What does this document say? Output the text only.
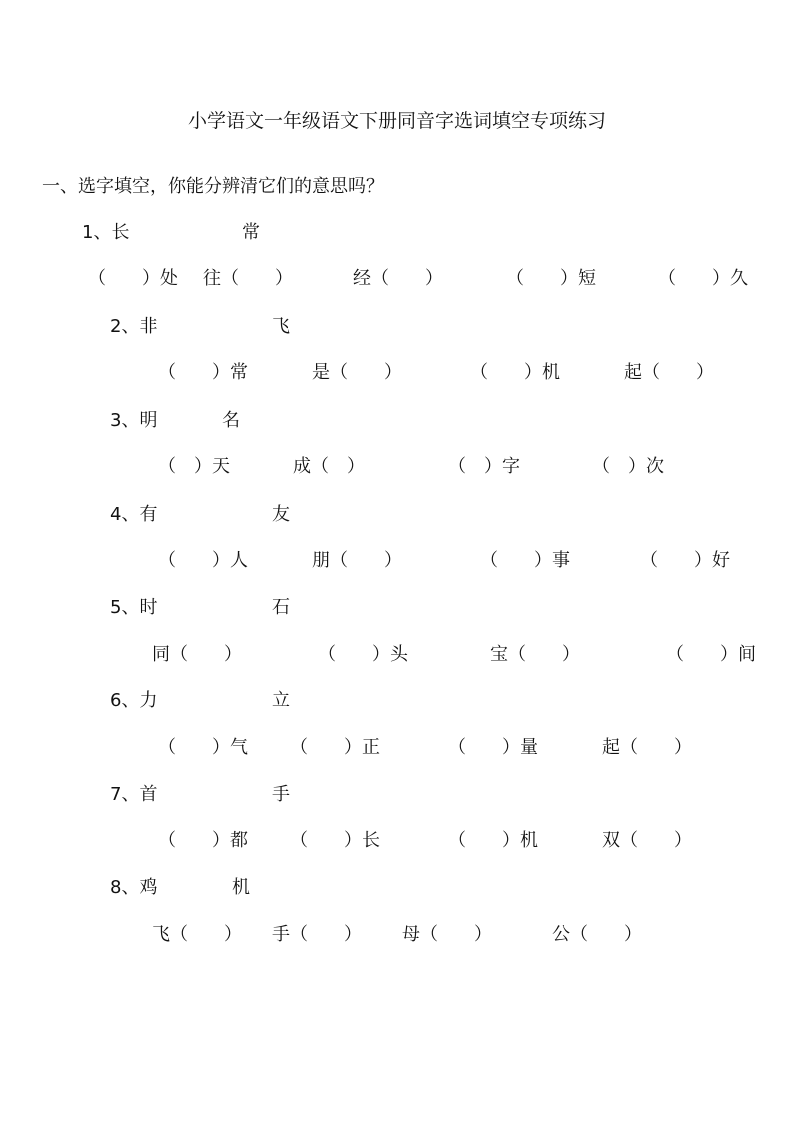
小学语文一年级语文下册同音字选词填空专项练习

一、选字填空，你能分辨清它们的意思吗？

1、长	常

（　　）处 往（　　）	经（　　）	（　　）短	（　　）久

2、非	飞

（　　）常	是（　　）	（　　）机	起（　　）

3、明	名

（　）天	成（　）	（　）字	（　）次

4、有	友

（　　）人	朋（　　）	（　　）事	（　　）好

5、时	石

同（　　）	（　　）头	宝（　　）	（　　）间

6、力	立

（　　）气 （　　）正	（　　）量	起（　　）

7、首	手

（　　）都 （　　）长	（　　）机	双（　　）

8、鸡	机

飞（　　） 手（　　） 母（　　）	公（　　）
